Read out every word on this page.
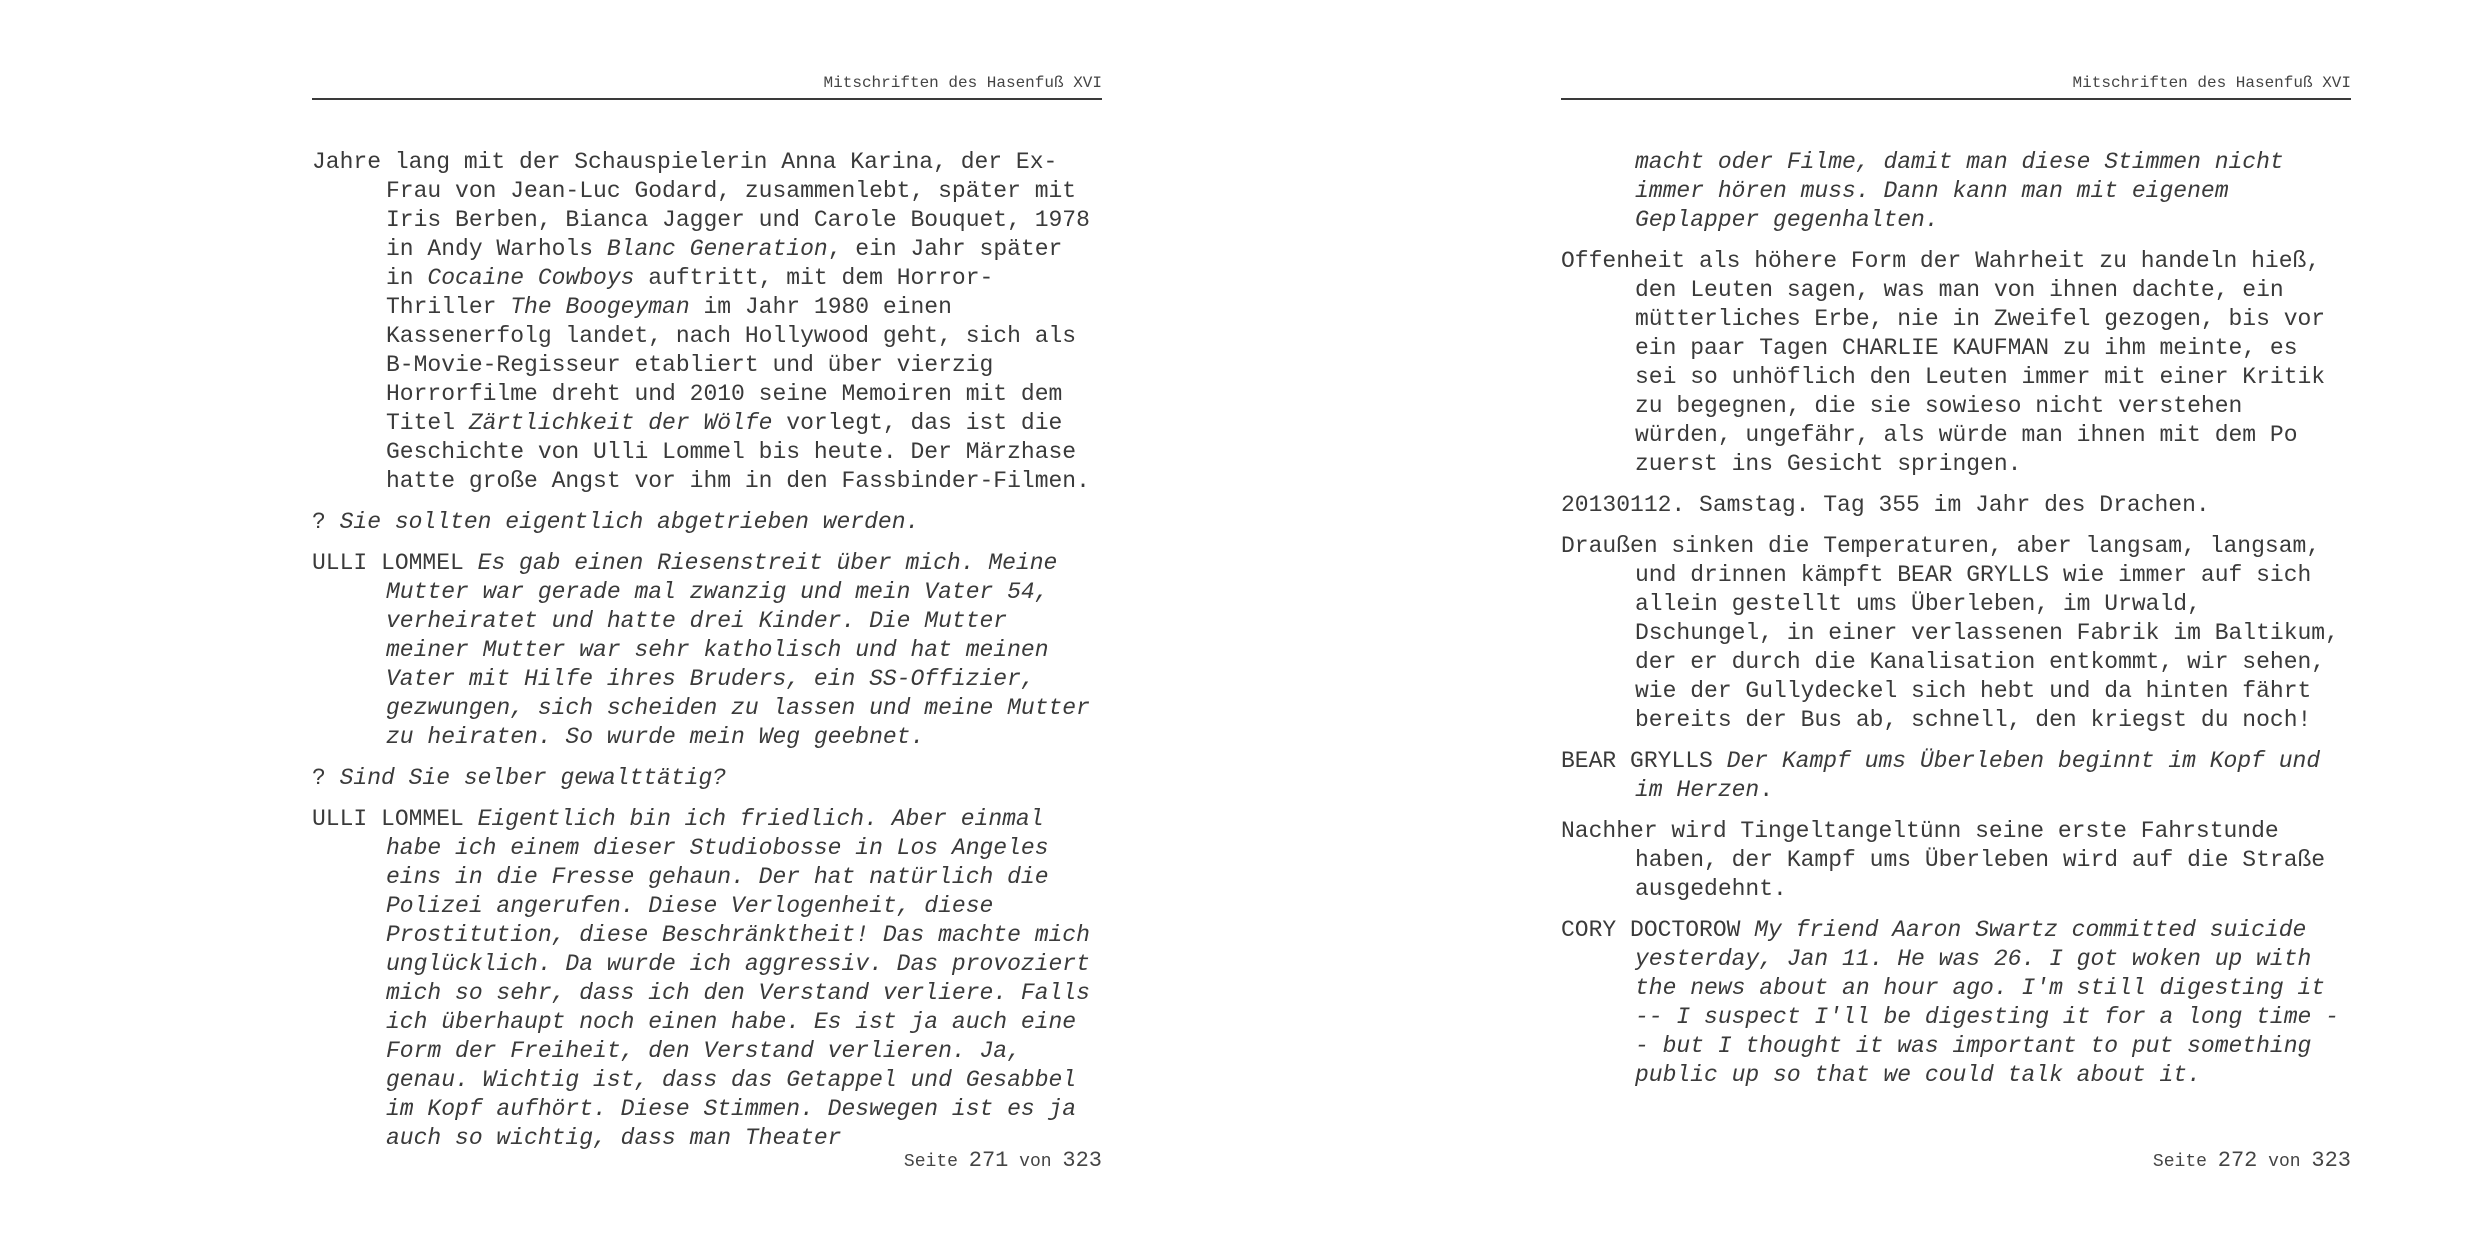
Mitschriften des Hasenfuß XVI

Jahre lang mit der Schauspielerin Anna Karina, der Ex-Frau von Jean-Luc Godard, zusammenlebt, später mit Iris Berben, Bianca Jagger und Carole Bouquet, 1978 in Andy Warhols Blanc Generation, ein Jahr später in Cocaine Cowboys auftritt, mit dem Horror-Thriller The Boogeyman im Jahr 1980 einen Kassenerfolg landet, nach Hollywood geht, sich als B-Movie-Regisseur etabliert und über vierzig Horrorfilme dreht und 2010 seine Memoiren mit dem Titel Zärtlichkeit der Wölfe vorlegt, das ist die Geschichte von Ulli Lommel bis heute. Der Märzhase hatte große Angst vor ihm in den Fassbinder-Filmen.

? Sie sollten eigentlich abgetrieben werden.

ULLI LOMMEL Es gab einen Riesenstreit über mich. Meine Mutter war gerade mal zwanzig und mein Vater 54, verheiratet und hatte drei Kinder. Die Mutter meiner Mutter war sehr katholisch und hat meinen Vater mit Hilfe ihres Bruders, ein SS-Offizier, gezwungen, sich scheiden zu lassen und meine Mutter zu heiraten. So wurde mein Weg geebnet.

? Sind Sie selber gewalttätig?

ULLI LOMMEL Eigentlich bin ich friedlich. Aber einmal habe ich einem dieser Studiobosse in Los Angeles eins in die Fresse gehaun. Der hat natürlich die Polizei angerufen. Diese Verlogenheit, diese Prostitution, diese Beschränktheit! Das machte mich unglücklich. Da wurde ich aggressiv. Das provoziert mich so sehr, dass ich den Verstand verliere. Falls ich überhaupt noch einen habe. Es ist ja auch eine Form der Freiheit, den Verstand verlieren. Ja, genau. Wichtig ist, dass das Getappel und Gesabbel im Kopf aufhört. Diese Stimmen. Deswegen ist es ja auch so wichtig, dass man Theater

Seite 271 von 323
Mitschriften des Hasenfuß XVI

macht oder Filme, damit man diese Stimmen nicht immer hören muss. Dann kann man mit eigenem Geplapper gegenhalten.

Offenheit als höhere Form der Wahrheit zu handeln hieß, den Leuten sagen, was man von ihnen dachte, ein mütterliches Erbe, nie in Zweifel gezogen, bis vor ein paar Tagen CHARLIE KAUFMAN zu ihm meinte, es sei so unhöflich den Leuten immer mit einer Kritik zu begegnen, die sie sowieso nicht verstehen würden, ungefähr, als würde man ihnen mit dem Po zuerst ins Gesicht springen.

20130112. Samstag. Tag 355 im Jahr des Drachen.

Draußen sinken die Temperaturen, aber langsam, langsam, und drinnen kämpft BEAR GRYLLS wie immer auf sich allein gestellt ums Überleben, im Urwald, Dschungel, in einer verlassenen Fabrik im Baltikum, der er durch die Kanalisation entkommt, wir sehen, wie der Gullydeckel sich hebt und da hinten fährt bereits der Bus ab, schnell, den kriegst du noch!

BEAR GRYLLS Der Kampf ums Überleben beginnt im Kopf und im Herzen.

Nachher wird Tingeltangeltünn seine erste Fahrstunde haben, der Kampf ums Überleben wird auf die Straße ausgedehnt.

CORY DOCTOROW My friend Aaron Swartz committed suicide yesterday, Jan 11. He was 26. I got woken up with the news about an hour ago. I'm still digesting it -- I suspect I'll be digesting it for a long time -- but I thought it was important to put something public up so that we could talk about it.

Seite 272 von 323
